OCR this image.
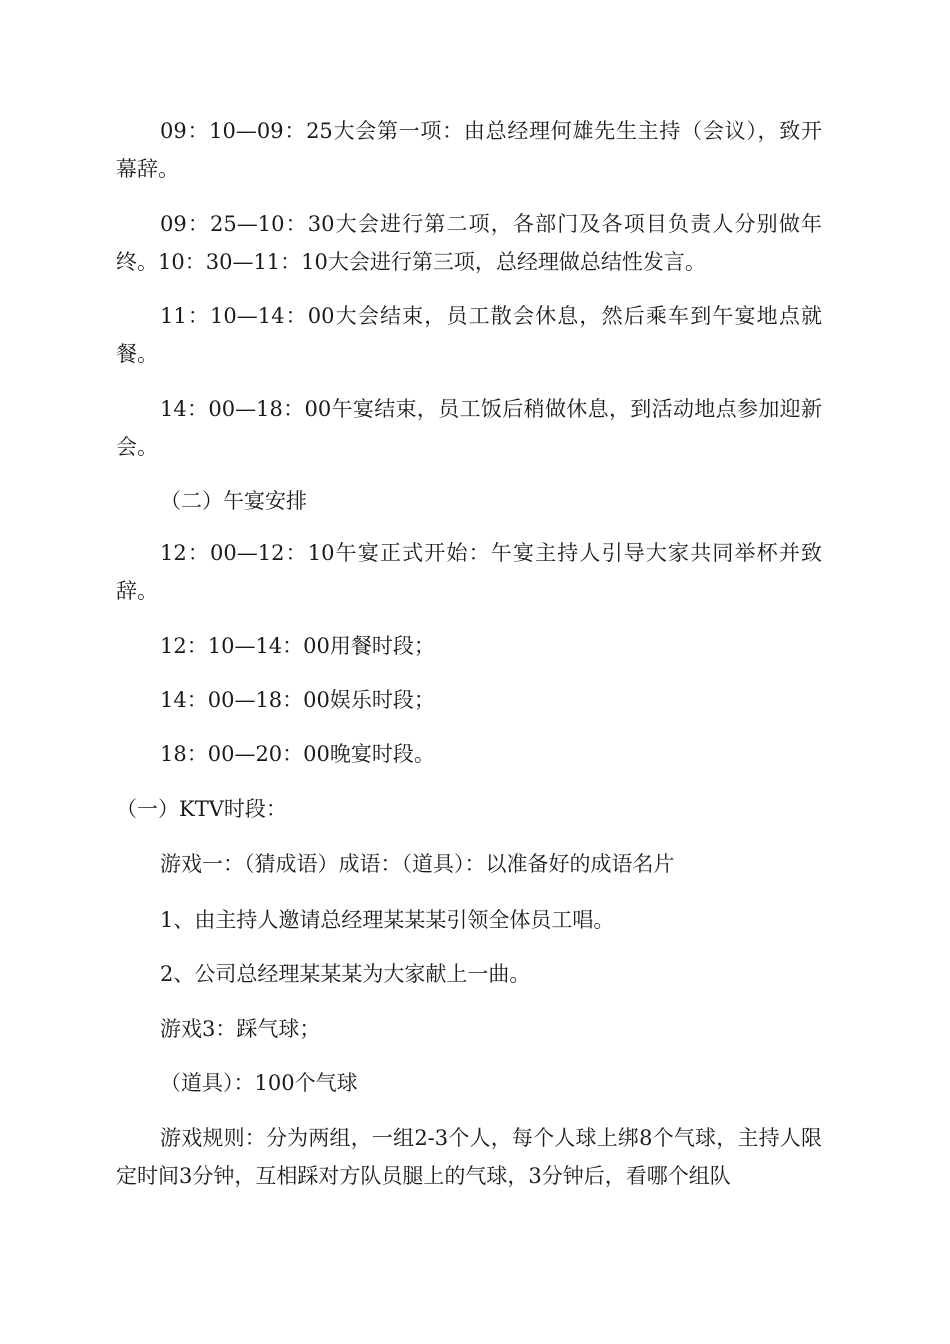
09：10—09：25大会第一项：由总经理何雄先生主持（会议），致开幕辞。

09：25—10：30大会进行第二项，各部门及各项目负责人分别做年终。10：30—11：10大会进行第三项，总经理做总结性发言。

11：10—14：00大会结束，员工散会休息，然后乘车到午宴地点就餐。

14：00—18：00午宴结束，员工饭后稍做休息，到活动地点参加迎新会。

（二）午宴安排

12：00—12：10午宴正式开始：午宴主持人引导大家共同举杯并致辞。

12：10—14：00用餐时段；

14：00—18：00娱乐时段；

18：00—20：00晚宴时段。

（一）KTV时段：

游戏一：（猜成语）成语：（道具）：以准备好的成语名片

1、由主持人邀请总经理某某某引领全体员工唱。

2、公司总经理某某某为大家献上一曲。

游戏3：踩气球；

（道具）：100个气球

游戏规则：分为两组，一组2-3个人，每个人球上绑8个气球，主持人限定时间3分钟，互相踩对方队员腿上的气球，3分钟后，看哪个组队
